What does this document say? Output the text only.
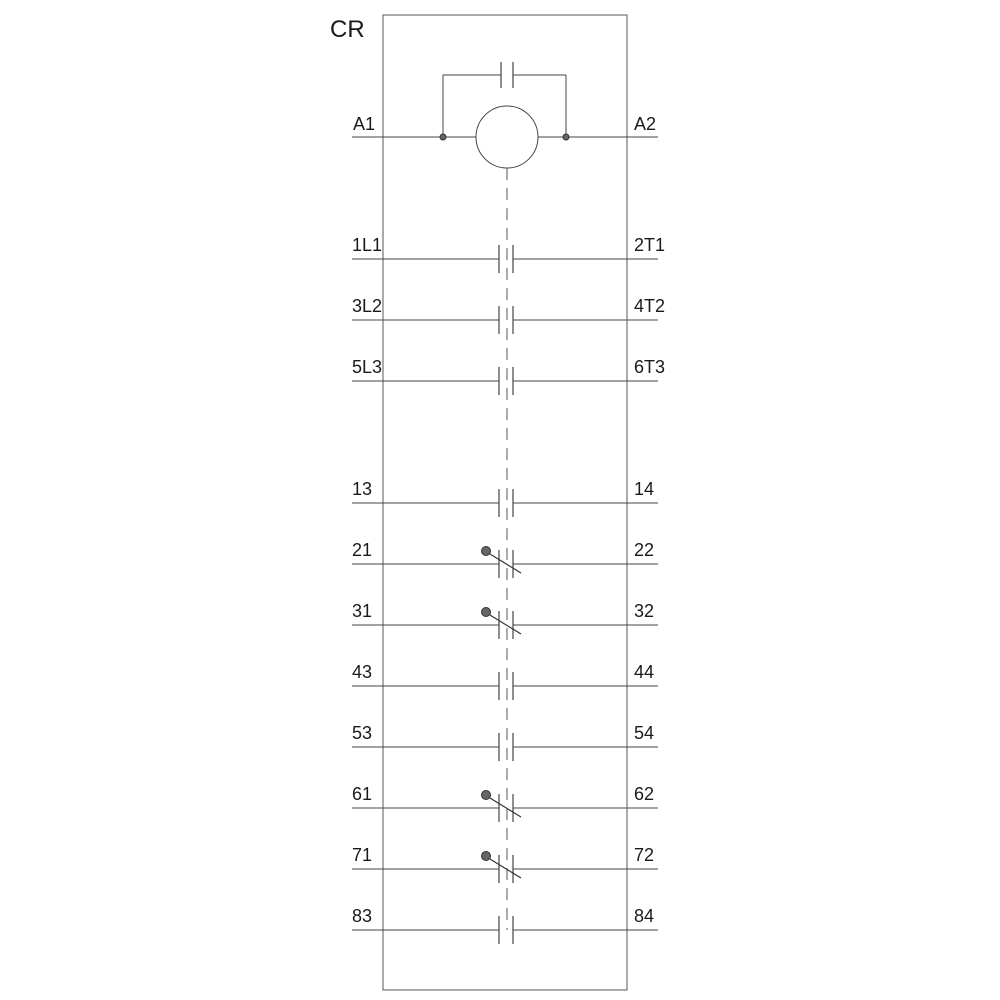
CR
A1	A2
1L1	2T1
3L2	4T2
5L3	6T3
13	14
21	22
31	32
43	44
53	54
61	62
71	72
83	84
